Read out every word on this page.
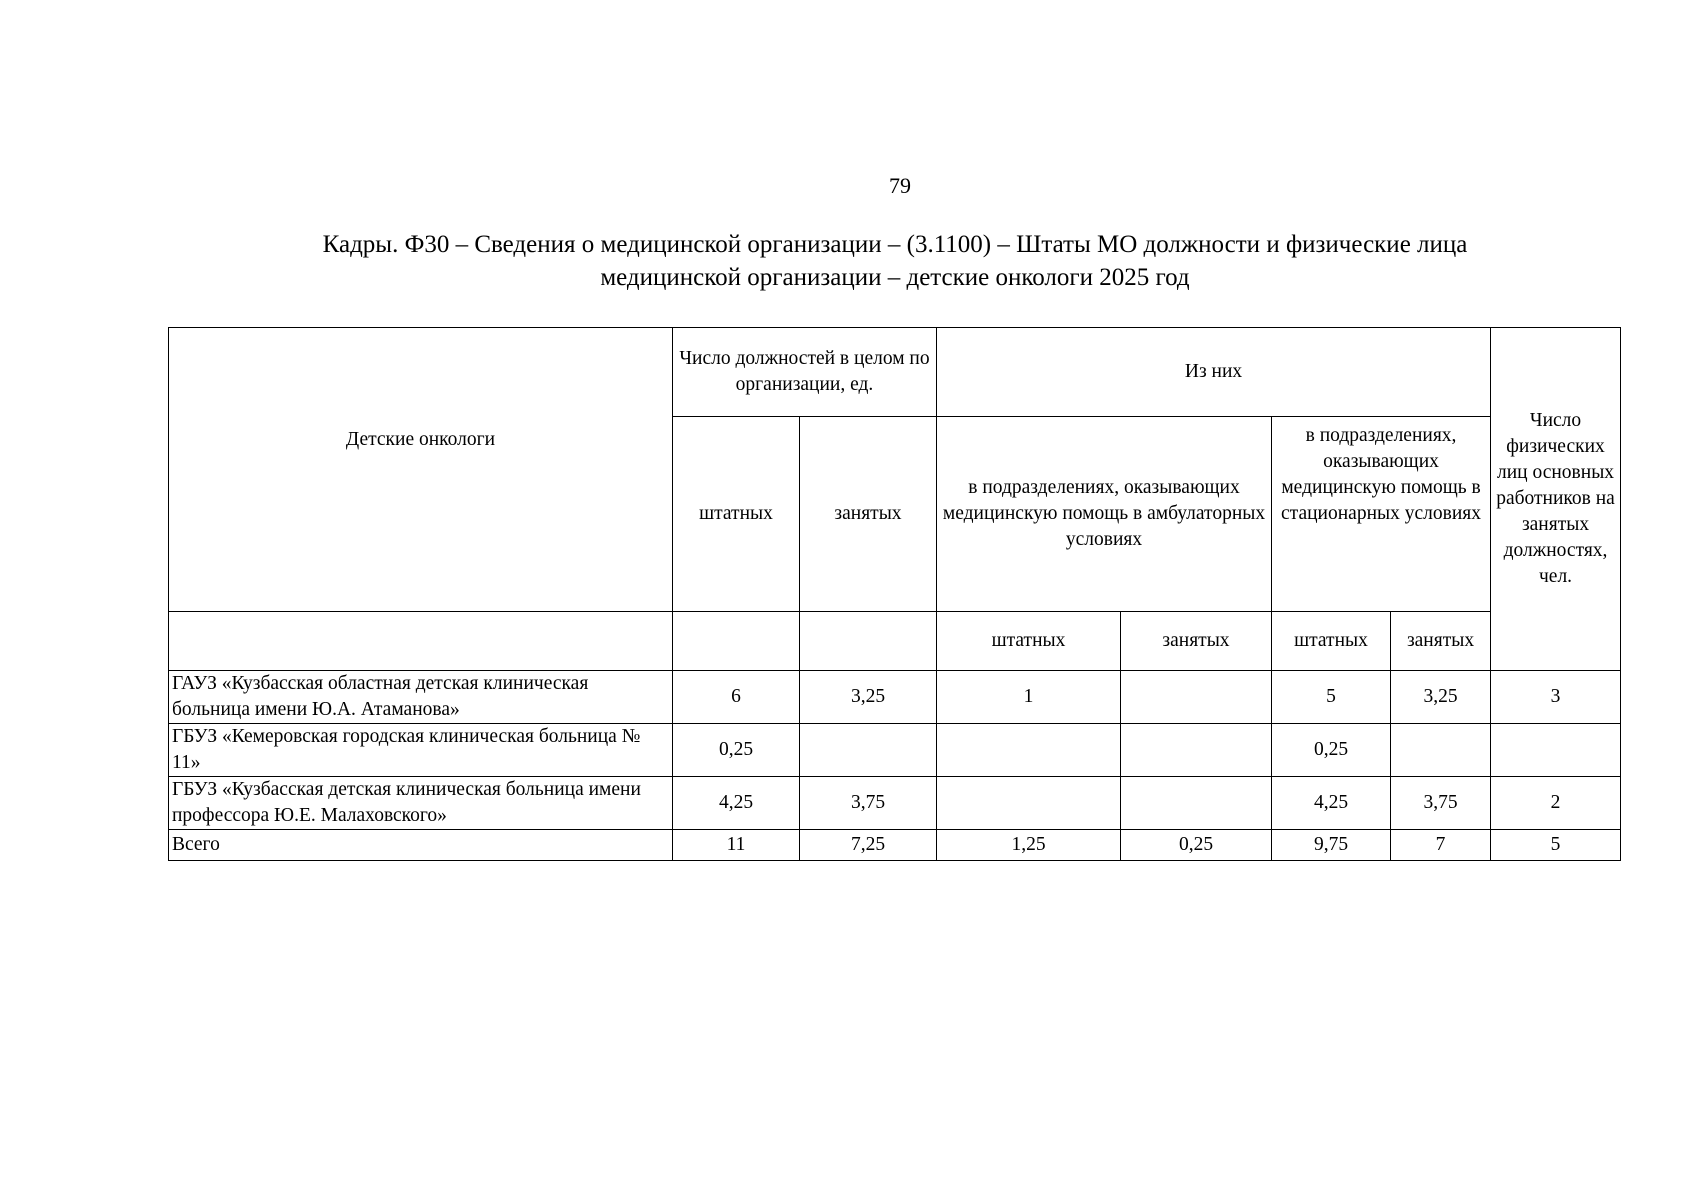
79
Кадры. Ф30 – Сведения о медицинской организации – (3.1100) – Штаты МО должности и физические лица
медицинской организации – детские онкологи 2025 год
Детские онкологи	Число должностей в целом по организации, ед.		Из них				Число физических лиц основных работников на занятых должностях, чел.
	штатных	занятых	в подразделениях, оказывающих медицинскую помощь в амбулаторных условиях		в подразделениях, оказывающих медицинскую помощь в стационарных условиях		
			штатных	занятых	штатных	занятых	
ГАУЗ «Кузбасская областная детская клиническая больница имени Ю.А. Атаманова»	6	3,25	1		5	3,25	3
ГБУЗ «Кемеровская городская клиническая больница № 11»	0,25				0,25		
ГБУЗ «Кузбасская детская клиническая больница имени профессора Ю.Е. Малаховского»	4,25	3,75			4,25	3,75	2
Всего	11	7,25	1,25	0,25	9,75	7	5
